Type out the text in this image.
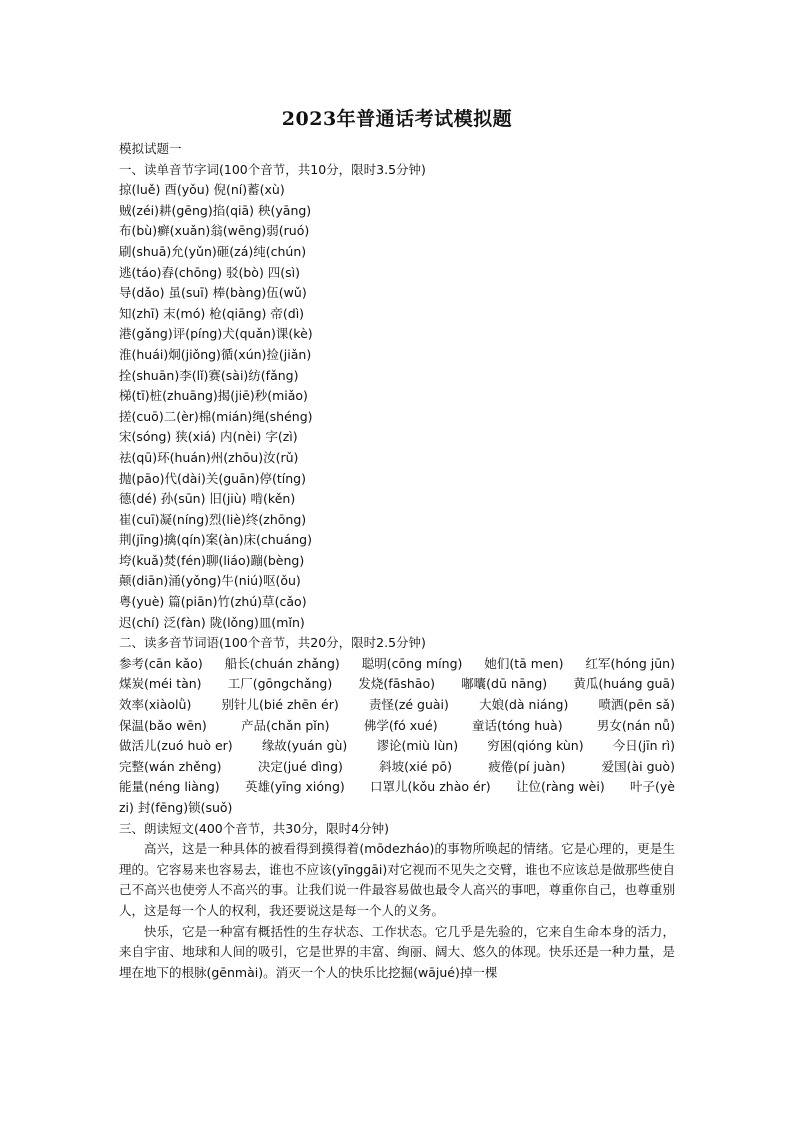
2023年普通话考试模拟题
模拟试题一
一、读单音节字词(100个音节，共10分，限时3.5分钟)
掠(luě) 酉(yǒu) 倪(ní)蓄(xù)
贼(zéi)耕(gēng)掐(qiā) 秧(yāng)
布(bù)癣(xuǎn)翁(wēng)弱(ruó)
刷(shuā)允(yǔn)砸(zá)纯(chún)
逃(táo)舂(chōng) 驳(bò) 四(sì)
导(dǎo) 虽(suī) 棒(bàng)伍(wǔ)
知(zhī) 末(mó) 枪(qiāng) 帝(dì)
港(gǎng)评(píng)犬(quǎn)课(kè)
淮(huái)炯(jiǒng)循(xún)捡(jiǎn)
拴(shuān)李(lǐ)赛(sài)纺(fǎng)
梯(tī)桩(zhuāng)揭(jiē)秒(miǎo)
搓(cuō)二(èr)棉(mián)绳(shéng)
宋(sóng) 狭(xiá) 内(nèi) 字(zì)
祛(qū)环(huán)州(zhōu)汝(rǔ)
抛(pāo)代(dài)关(guān)停(tíng)
德(dé) 孙(sūn) 旧(jiù) 啃(kěn)
崔(cuī)凝(níng)烈(liè)终(zhōng)
荆(jīng)擒(qín)案(àn)床(chuáng)
垮(kuǎ)焚(fén)聊(liáo)蹦(bèng)
颠(diān)涌(yǒng)牛(niú)呕(ǒu)
粤(yuè) 篇(piān)竹(zhú)草(cǎo)
迟(chí) 泛(fàn) 陇(lǒng)皿(mǐn)
二、读多音节词语(100个音节，共20分，限时2.5分钟)
参考(cān kǎo) 船长(chuán zhǎng) 聪明(cōng míng) 她们(tā men) 红军(hóng jūn)
煤炭(méi tàn) 工厂(gōngchǎng) 发烧(fāshāo) 嘟囔(dū nāng) 黄瓜(huáng guā)
效率(xiàolǜ) 别针儿(bié zhēn ér) 责怪(zé guài) 大娘(dà niáng) 喷洒(pēn sǎ)
保温(bǎo wēn)	产品(chǎn pǐn)	佛学(fó xué)	童话(tóng huà)	男女(nán nǚ)
做活儿(zuó huò er) 缘故(yuán gù) 谬论(miù lùn) 穷困(qióng kùn) 今日(jīn rì)
完整(wán zhěng)	决定(jué dìng)	斜坡(xié pō)	疲倦(pí juàn)	爱国(ài guò)
能量(néng liàng) 英雄(yīng xióng) 口罩儿(kǒu zhào ér) 让位(ràng wèi) 叶子(yè
zi) 封(fēng)锁(suǒ)
三、朗读短文(400个音节，共30分，限时4分钟)

高兴，这是一种具体的被看得到摸得着(mōdezháo)的事物所唤起的情绪。它是心理的，更是生理的。它容易来也容易去，谁也不应该(yīnggāi)对它视而不见失之交臂，谁也不应该总是做那些使自己不高兴也使旁人不高兴的事。让我们说一件最容易做也最令人高兴的事吧，尊重你自己，也尊重别人，这是每一个人的权利，我还要说这是每一个人的义务。

快乐，它是一种富有概括性的生存状态、工作状态。它几乎是先验的，它来自生命本身的活力，来自宇宙、地球和人间的吸引，它是世界的丰富、绚丽、阔大、悠久的体现。快乐还是一种力量，是埋在地下的根脉(gēnmài)。消灭一个人的快乐比挖掘(wājué)掉一棵
